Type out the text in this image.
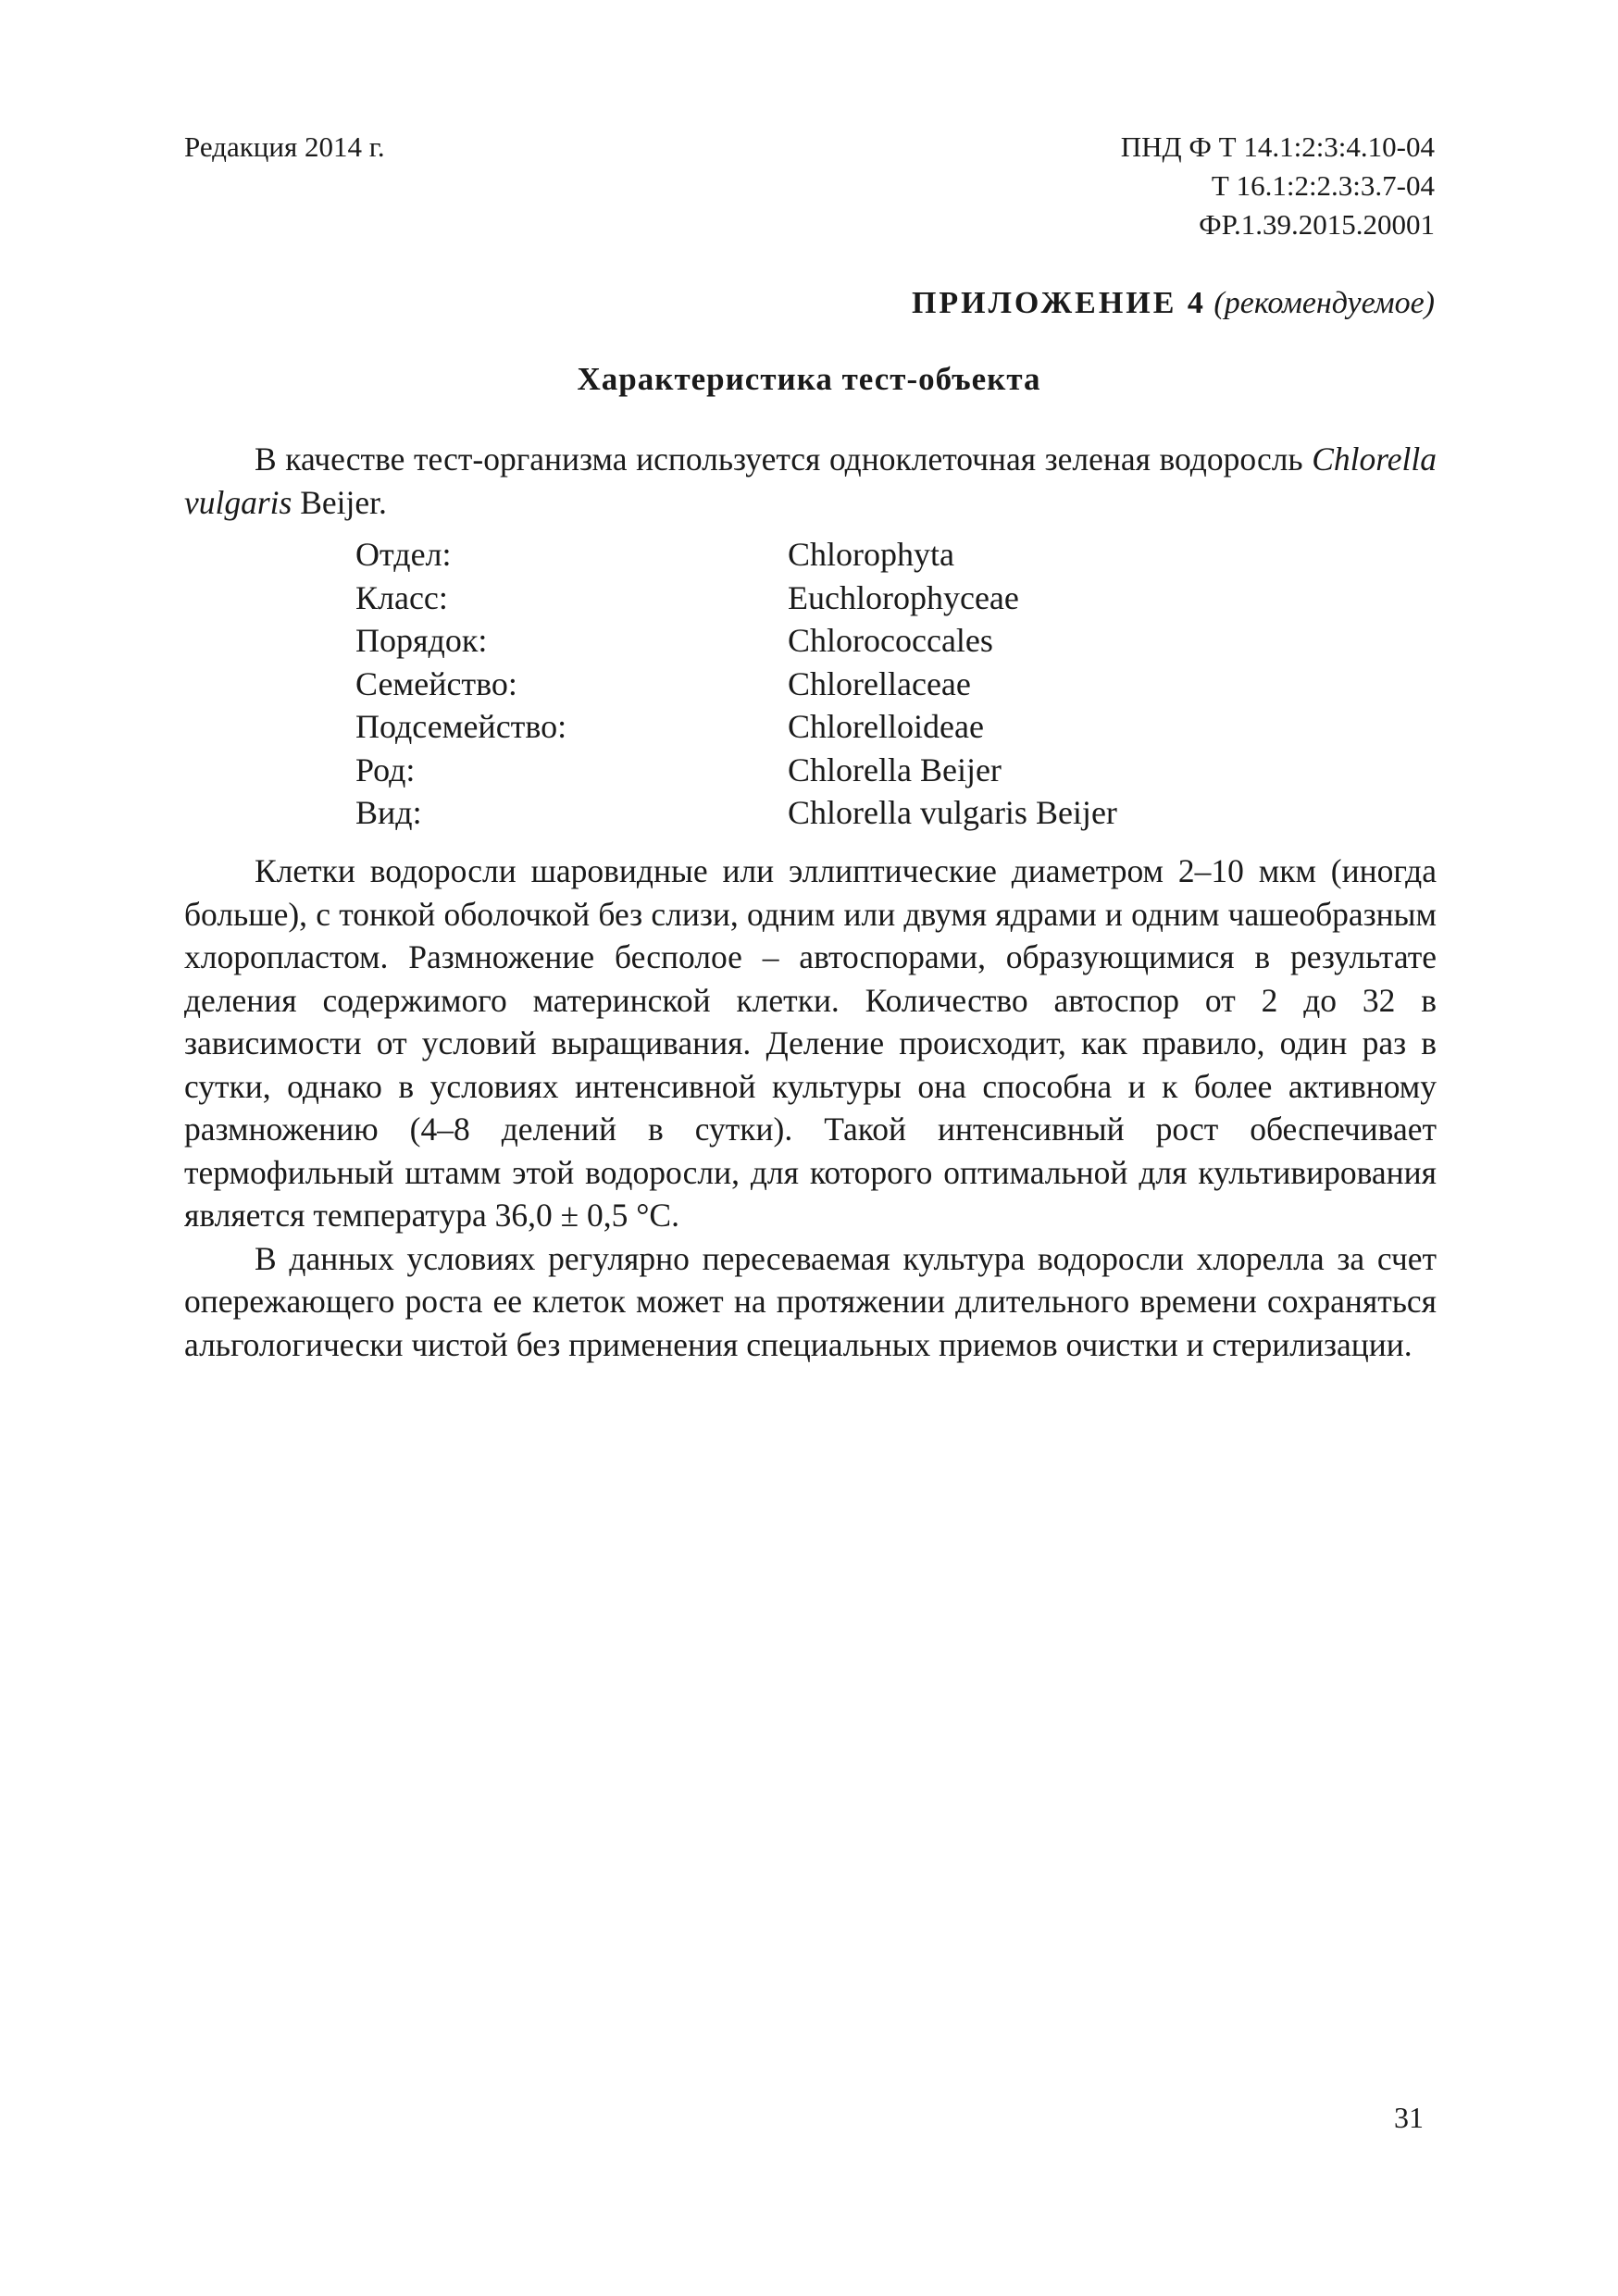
Редакция 2014 г.	ПНД Ф Т 14.1:2:3:4.10-04
Т 16.1:2:2.3:3.7-04
ФР.1.39.2015.20001
ПРИЛОЖЕНИЕ 4 (рекомендуемое)
Характеристика тест-объекта

В качестве тест-организма используется одноклеточная зеленая водоросль Chlorella vulgaris Beijer.

Отдел:	Chlorophyta
Класс:	Euchlorophyceae
Порядок:	Chlorococcales
Семейство:	Chlorellaceae
Подсемейство:	Chlorelloideae
Род:	Chlorella Beijer
Вид:	Chlorella vulgaris Beijer

Клетки водоросли шаровидные или эллиптические диаметром 2–10 мкм (иногда больше), с тонкой оболочкой без слизи, одним или двумя ядрами и одним чашеобразным хлоропластом. Размножение бесполое – автоспорами, образующимися в результате деления содержимого материнской клетки. Количество автоспор от 2 до 32 в зависимости от условий выращивания. Деление происходит, как правило, один раз в сутки, однако в условиях интенсивной культуры она способна и к более активному размножению (4–8 делений в сутки). Такой интенсивный рост обеспечивает термофильный штамм этой водоросли, для которого оптимальной для культивирования является температура 36,0 ± 0,5 °C.

В данных условиях регулярно пересеваемая культура водоросли хлорелла за счет опережающего роста ее клеток может на протяжении длительного времени сохраняться альгологически чистой без применения специальных приемов очистки и стерилизации.

31
